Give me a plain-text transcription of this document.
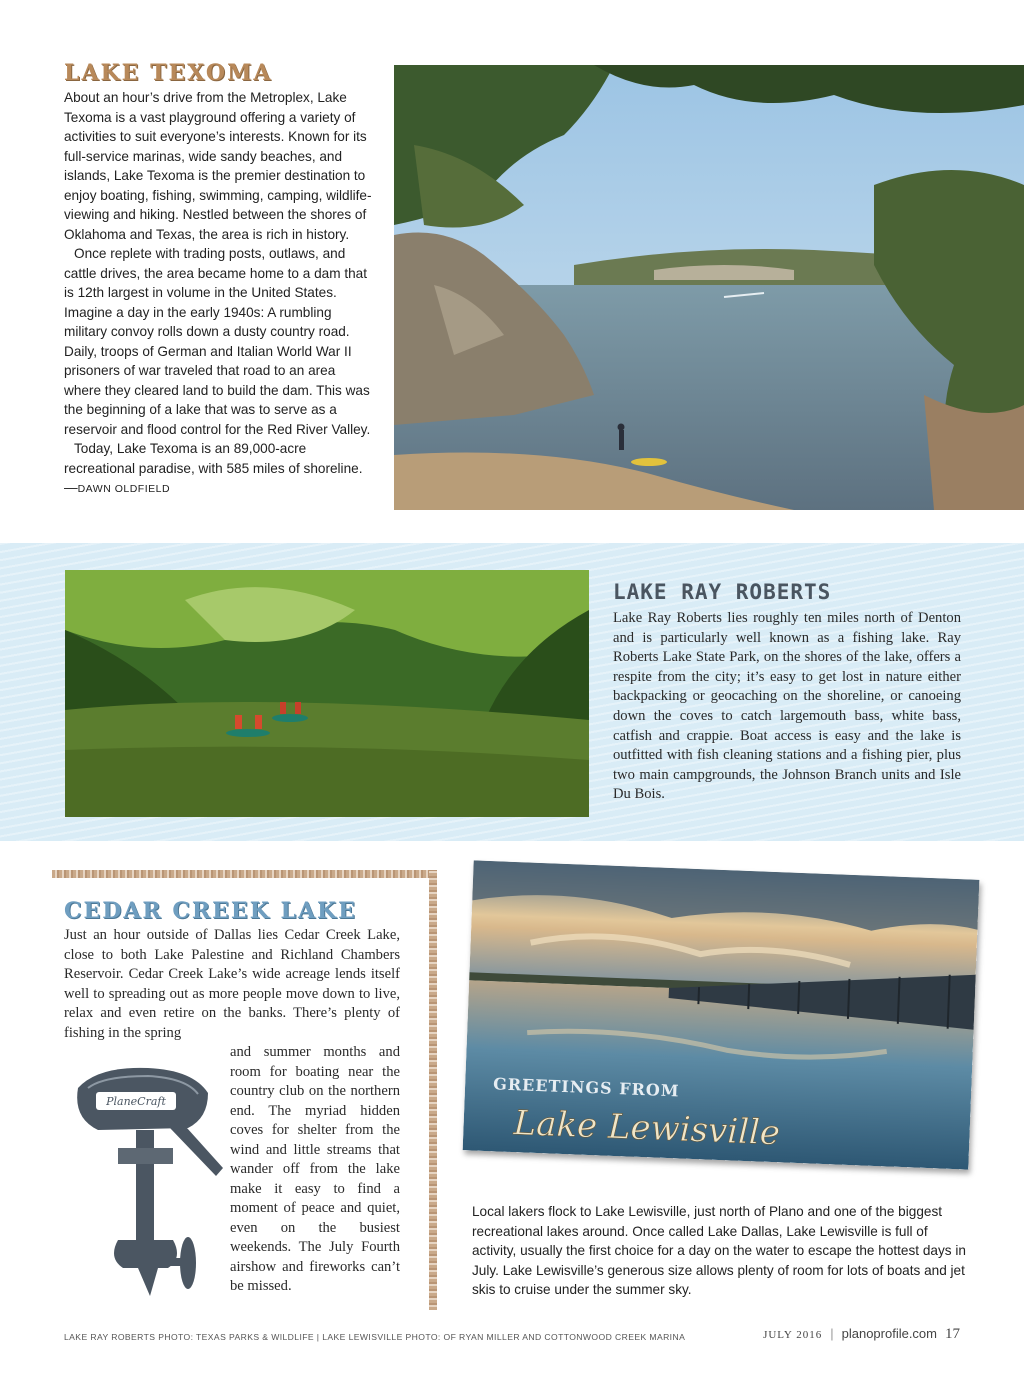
LAKE TEXOMA

About an hour’s drive from the Metroplex, Lake Texoma is a vast playground offering a variety of activities to suit everyone’s interests. Known for its full-service marinas, wide sandy beaches, and islands, Lake Texoma is the premier destination to enjoy boating, fishing, swimming, camping, wildlife-viewing and hiking. Nestled between the shores of Oklahoma and Texas, the area is rich in history.

Once replete with trading posts, outlaws, and cattle drives, the area became home to a dam that is 12th largest in volume in the United States. Imagine a day in the early 1940s: A rumbling military convoy rolls down a dusty country road. Daily, troops of German and Italian World War II prisoners of war traveled that road to an area where they cleared land to build the dam. This was the beginning of a lake that was to serve as a reservoir and flood control for the Red River Valley.

Today, Lake Texoma is an 89,000-acre recreational paradise, with 585 miles of shoreline.—DAWN OLDFIELD

LAKE RAY ROBERTS

Lake Ray Roberts lies roughly ten miles north of Denton and is particularly well known as a fishing lake. Ray Roberts Lake State Park, on the shores of the lake, offers a respite from the city; it’s easy to get lost in nature either backpacking or geocaching on the shoreline, or canoeing down the coves to catch largemouth bass, white bass, catfish and crappie. Boat access is easy and the lake is outfitted with fish cleaning stations and a fishing pier, plus two main campgrounds, the Johnson Branch units and Isle Du Bois.

CEDAR CREEK LAKE

Just an hour outside of Dallas lies Cedar Creek Lake, close to both Lake Palestine and Richland Chambers Reservoir. Cedar Creek Lake’s wide acreage lends itself well to spreading out as more people move down to live, relax and even retire on the banks. There’s plenty of fishing in the spring

and summer months and room for boating near the country club on the northern end. The myriad hidden coves for shelter from the wind and little streams that wander off from the lake make it easy to find a moment of peace and quiet, even on the busiest weekends. The July Fourth airshow and fireworks can’t be missed.

PlaneCraft
GREETINGS FROM
Lake Lewisville

Local lakers flock to Lake Lewisville, just north of Plano and one of the biggest recreational lakes around. Once called Lake Dallas, Lake Lewisville is full of activity, usually the first choice for a day on the water to escape the hottest days in July. Lake Lewisville’s generous size allows plenty of room for lots of boats and jet skis to cruise under the summer sky.

LAKE RAY ROBERTS PHOTO: TEXAS PARKS & WILDLIFE | LAKE LEWISVILLE PHOTO: OF RYAN MILLER AND COTTONWOOD CREEK MARINA	JULY 2016 | planoprofile.com 17
